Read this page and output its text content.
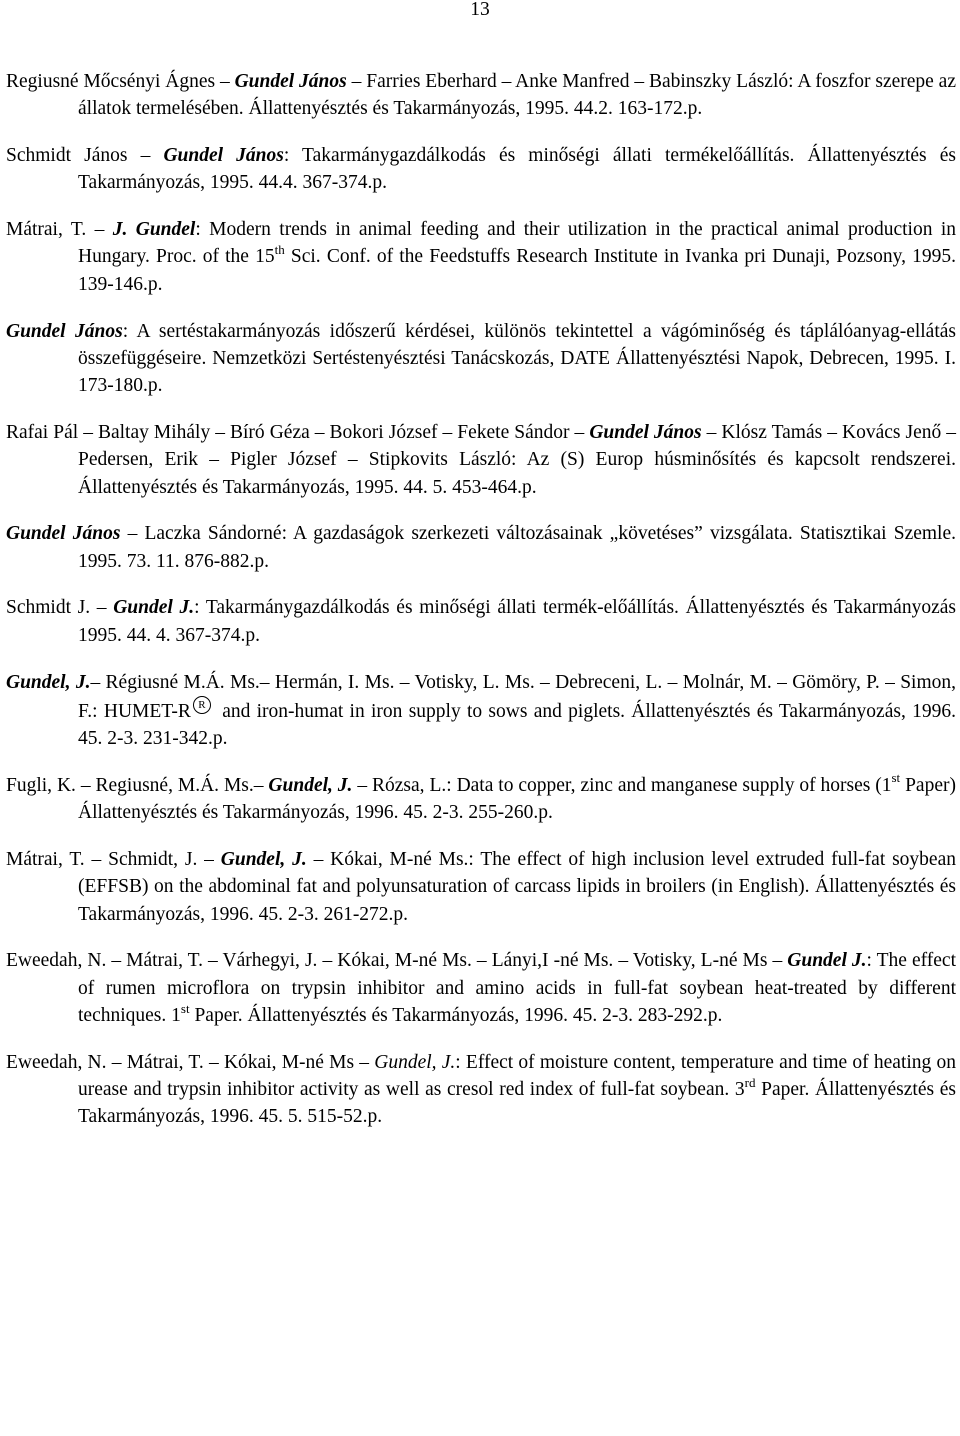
13

Regiusné Mőcsényi Ágnes – Gundel János – Farries Eberhard – Anke Manfred – Babinszky László: A foszfor szerepe az állatok termelésében. Állattenyésztés és Takarmányozás, 1995. 44.2. 163-172.p.

Schmidt János – Gundel János: Takarmánygazdálkodás és minőségi állati termékelőállítás. Állattenyésztés és Takarmányozás, 1995. 44.4. 367-374.p.

Mátrai, T. – J. Gundel: Modern trends in animal feeding and their utilization in the practical animal production in Hungary. Proc. of the 15th Sci. Conf. of the Feedstuffs Research Institute in Ivanka pri Dunaji, Pozsony, 1995. 139-146.p.

Gundel János: A sertéstakarmányozás időszerű kérdései, különös tekintettel a vágóminőség és táplálóanyag-ellátás összefüggéseire. Nemzetközi Sertéstenyésztési Tanácskozás, DATE Állattenyésztési Napok, Debrecen, 1995. I. 173-180.p.

Rafai Pál – Baltay Mihály – Bíró Géza – Bokori József – Fekete Sándor – Gundel János – Klósz Tamás – Kovács Jenő – Pedersen, Erik – Pigler József – Stipkovits László: Az (S) Europ húsminősítés és kapcsolt rendszerei. Állattenyésztés és Takarmányozás, 1995. 44. 5. 453-464.p.

Gundel János – Laczka Sándorné: A gazdaságok szerkezeti változásainak „követéses” vizsgálata. Statisztikai Szemle. 1995. 73. 11. 876-882.p.

Schmidt J. – Gundel J.: Takarmánygazdálkodás és minőségi állati termék-előállítás. Állattenyésztés és Takarmányozás 1995. 44. 4. 367-374.p.

Gundel, J.– Régiusné M.Á. Ms.– Hermán, I. Ms. – Votisky, L. Ms. – Debreceni, L. – Molnár, M. – Gömöry, P. – Simon, F.: HUMET-R R and iron-humat in iron supply to sows and piglets. Állattenyésztés és Takarmányozás, 1996. 45. 2-3. 231-342.p.

Fugli, K. – Regiusné, M.Á. Ms.– Gundel, J. – Rózsa, L.: Data to copper, zinc and manganese supply of horses (1st Paper) Állattenyésztés és Takarmányozás, 1996. 45. 2-3. 255-260.p.

Mátrai, T. – Schmidt, J. – Gundel, J. – Kókai, M-né Ms.: The effect of high inclusion level extruded full-fat soybean (EFFSB) on the abdominal fat and polyunsaturation of carcass lipids in broilers (in English). Állattenyésztés és Takarmányozás, 1996. 45. 2-3. 261-272.p.

Eweedah, N. – Mátrai, T. – Várhegyi, J. – Kókai, M-né Ms. – Lányi,I -né Ms. – Votisky, L-né Ms – Gundel J.: The effect of rumen microflora on trypsin inhibitor and amino acids in full-fat soybean heat-treated by different techniques. 1st Paper. Állattenyésztés és Takarmányozás, 1996. 45. 2-3. 283-292.p.

Eweedah, N. – Mátrai, T. – Kókai, M-né Ms – Gundel, J.: Effect of moisture content, temperature and time of heating on urease and trypsin inhibitor activity as well as cresol red index of full-fat soybean. 3rd Paper. Állattenyésztés és Takarmányozás, 1996. 45. 5. 515-52.p.
